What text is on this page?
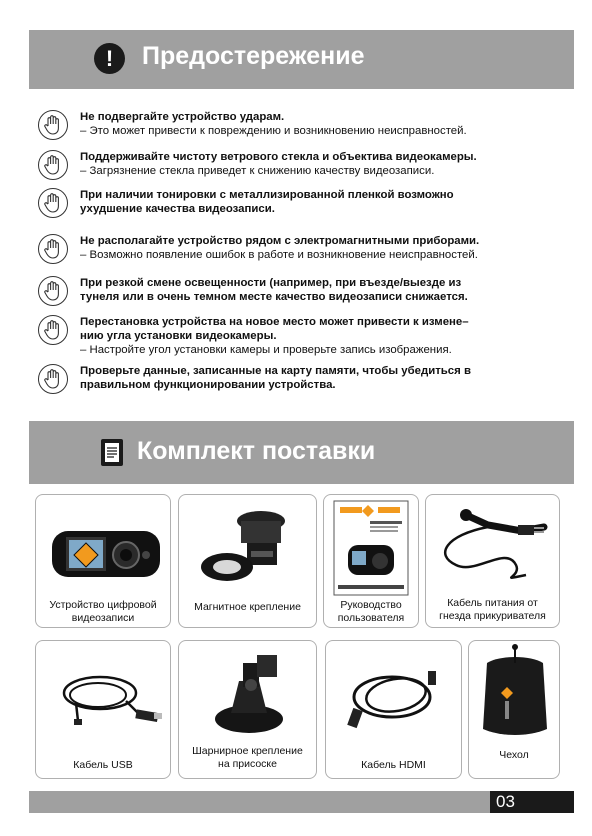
!	Предостережение
Не подвергайте устройство ударам.
– Это может привести к повреждению и возникновению неисправностей.
Поддерживайте чистоту ветрового стекла и объектива видеокамеры.
– Загрязнение стекла приведет к снижению качеству видеозаписи.
При наличии тонировки с металлизированной пленкой возможно
ухудшение качества видеозаписи.
Не располагайте устройство рядом с электромагнитными приборами.
– Возможно появление ошибок в работе и возникновение неисправностей.
При резкой смене освещенности (например, при въезде/выезде из
тунеля или в очень темном месте качество видеозаписи снижается.
Перестановка устройства на новое место может привести к измене–
нию угла установки видеокамеры.
– Настройте угол установки камеры и проверьте запись изображения.
Проверьте данные, записанные на карту памяти, чтобы убедиться в
правильном функционировании устройства.
Комплект поставки
Устройство цифровой
видеозаписи
Магнитное крепление	Руководство
пользователя
Кабель питания от
гнезда прикуривателя
Кабель USB
Шарнирное крепление
на присоске	Кабель HDMI
Чехол
03
